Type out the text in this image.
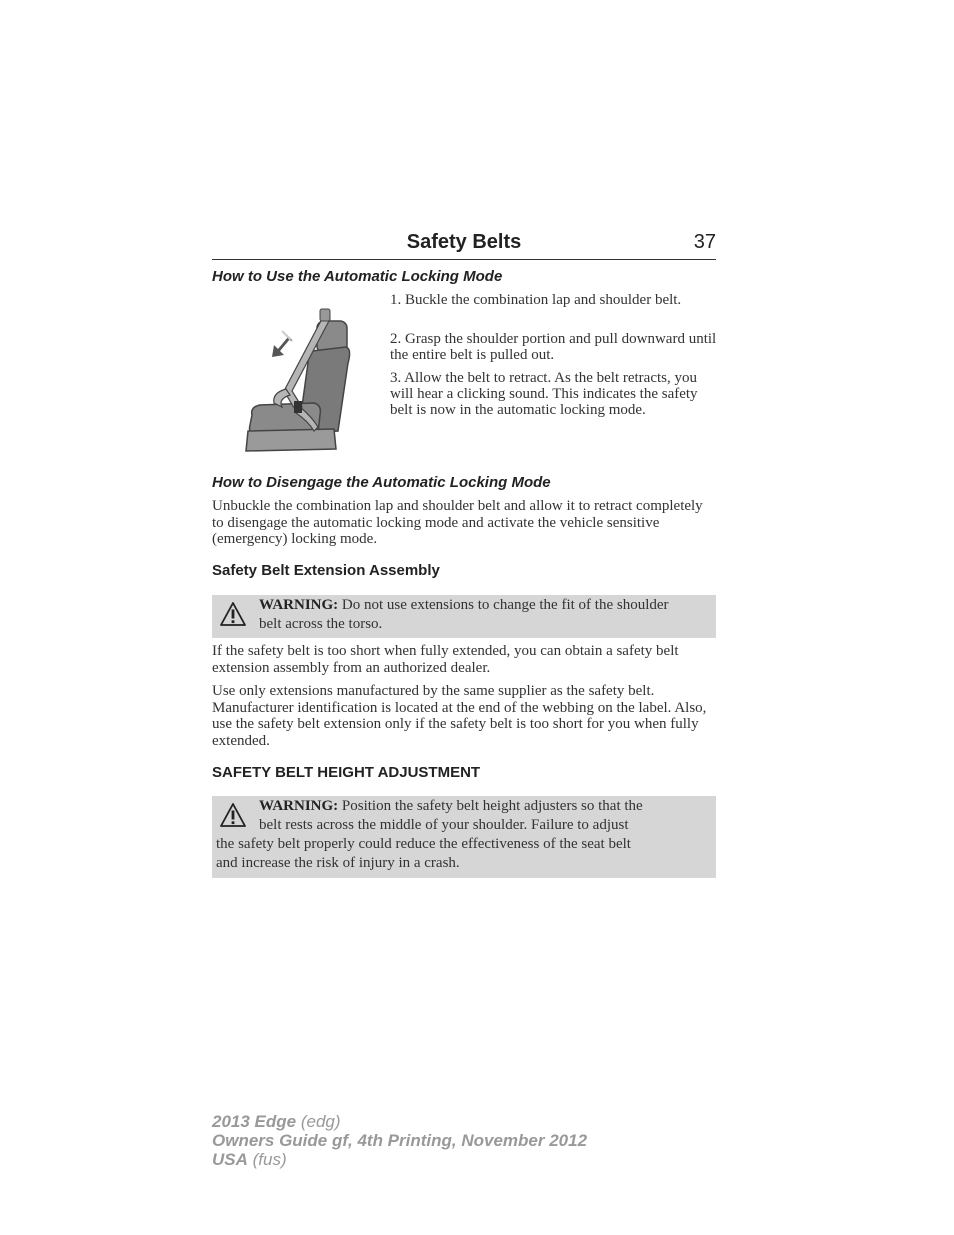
Safety Belts	37
How to Use the Automatic Locking Mode
1. Buckle the combination lap and shoulder belt.
2. Grasp the shoulder portion and pull downward until the entire belt is pulled out.
3. Allow the belt to retract. As the belt retracts, you will hear a clicking sound. This indicates the safety belt is now in the automatic locking mode.
How to Disengage the Automatic Locking Mode
Unbuckle the combination lap and shoulder belt and allow it to retract completely to disengage the automatic locking mode and activate the vehicle sensitive (emergency) locking mode.
Safety Belt Extension Assembly
WARNING: Do not use extensions to change the fit of the shoulder belt across the torso.
If the safety belt is too short when fully extended, you can obtain a safety belt extension assembly from an authorized dealer.
Use only extensions manufactured by the same supplier as the safety belt. Manufacturer identification is located at the end of the webbing on the label. Also, use the safety belt extension only if the safety belt is too short for you when fully extended.
SAFETY BELT HEIGHT ADJUSTMENT
WARNING: Position the safety belt height adjusters so that the
belt rests across the middle of your shoulder. Failure to adjust
the safety belt properly could reduce the effectiveness of the seat belt
and increase the risk of injury in a crash.
2013 Edge (edg)
Owners Guide gf, 4th Printing, November 2012
USA (fus)
